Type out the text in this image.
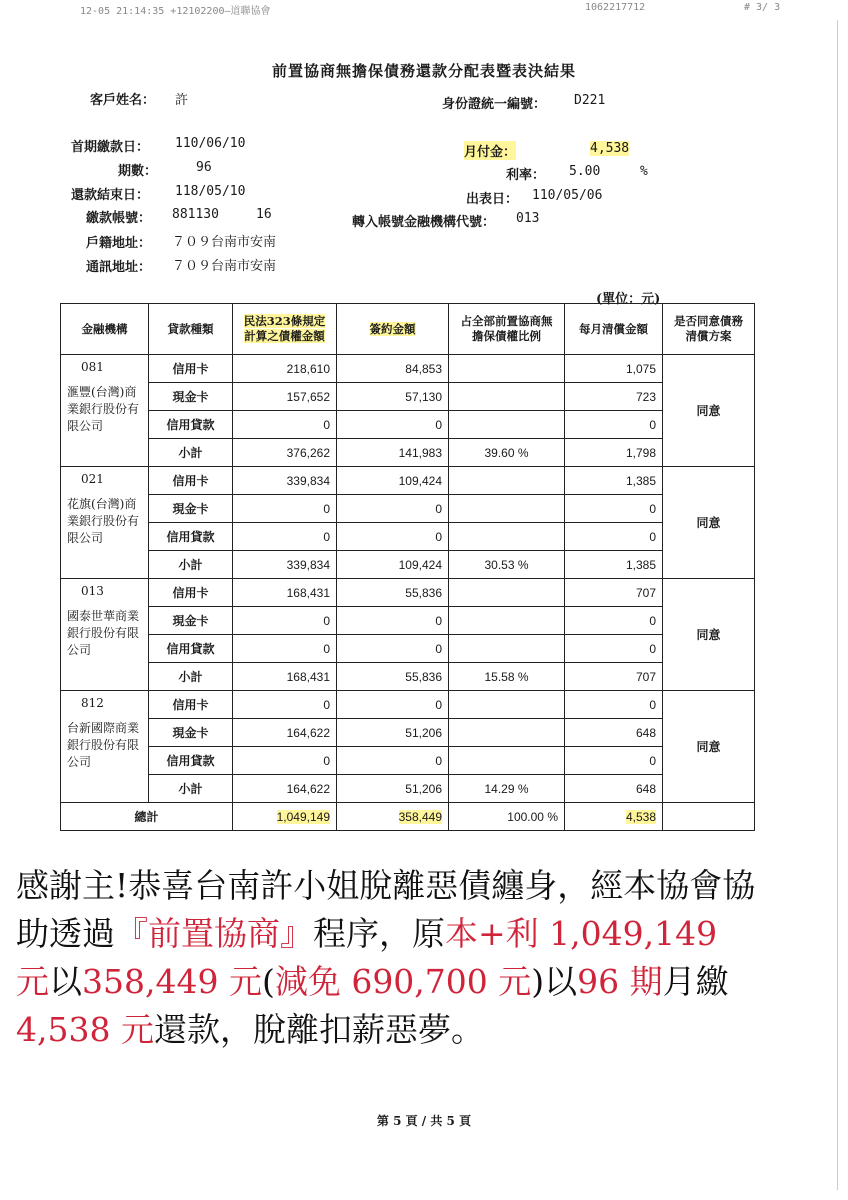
12-05 21:14:35 +12102200—道聯協會	1062217712	# 3/ 3
前置協商無擔保債務還款分配表暨表決結果
客戶姓名： 許	身份證統一編號： D221
首期繳款日： 110/06/10
期數：	96
還款結束日： 118/05/10
繳款帳號： 881130	16
戶籍地址： ７０９台南市安南
通訊地址： ７０９台南市安南
月付金：	4,538
利率： 5.00	%
出表日： 110/05/06
轉入帳號金融機構代號： 013
(單位：元)
金融機構	貸款種類	民法323條規定計算之債權金額	簽約金額	占全部前置協商無擔保債權比例	每月清償金額	是否同意債務清償方案

081
滙豐(台灣)商業銀行股份有限公司	信用卡	218,610	84,853		1,075	同意
	現金卡	157,652	57,130		723	
	信用貸款	0	0		0	
	小計	376,262	141,983	39.60 %	1,798	

021
花旗(台灣)商業銀行股份有限公司	信用卡	339,834	109,424		1,385	同意
	現金卡	0	0		0	
	信用貸款	0	0		0	
	小計	339,834	109,424	30.53 %	1,385	

013
國泰世華商業銀行股份有限公司	信用卡	168,431	55,836		707	同意
	現金卡	0	0		0	
	信用貸款	0	0		0	
	小計	168,431	55,836	15.58 %	707	

812
台新國際商業銀行股份有限公司	信用卡	0	0		0	同意
	現金卡	164,622	51,206		648	
	信用貸款	0	0		0	
	小計	164,622	51,206	14.29 %	648	
總計		1,049,149	358,449	100.00 %	4,538	
感謝主!恭喜台南許小姐脫離惡債纏身，經本協會協助透過『前置協商』程序，原本+利 1,049,149 元以358,449 元(減免 690,700 元)以96 期月繳4,538 元還款，脫離扣薪惡夢。
第 5 頁 / 共 5 頁
